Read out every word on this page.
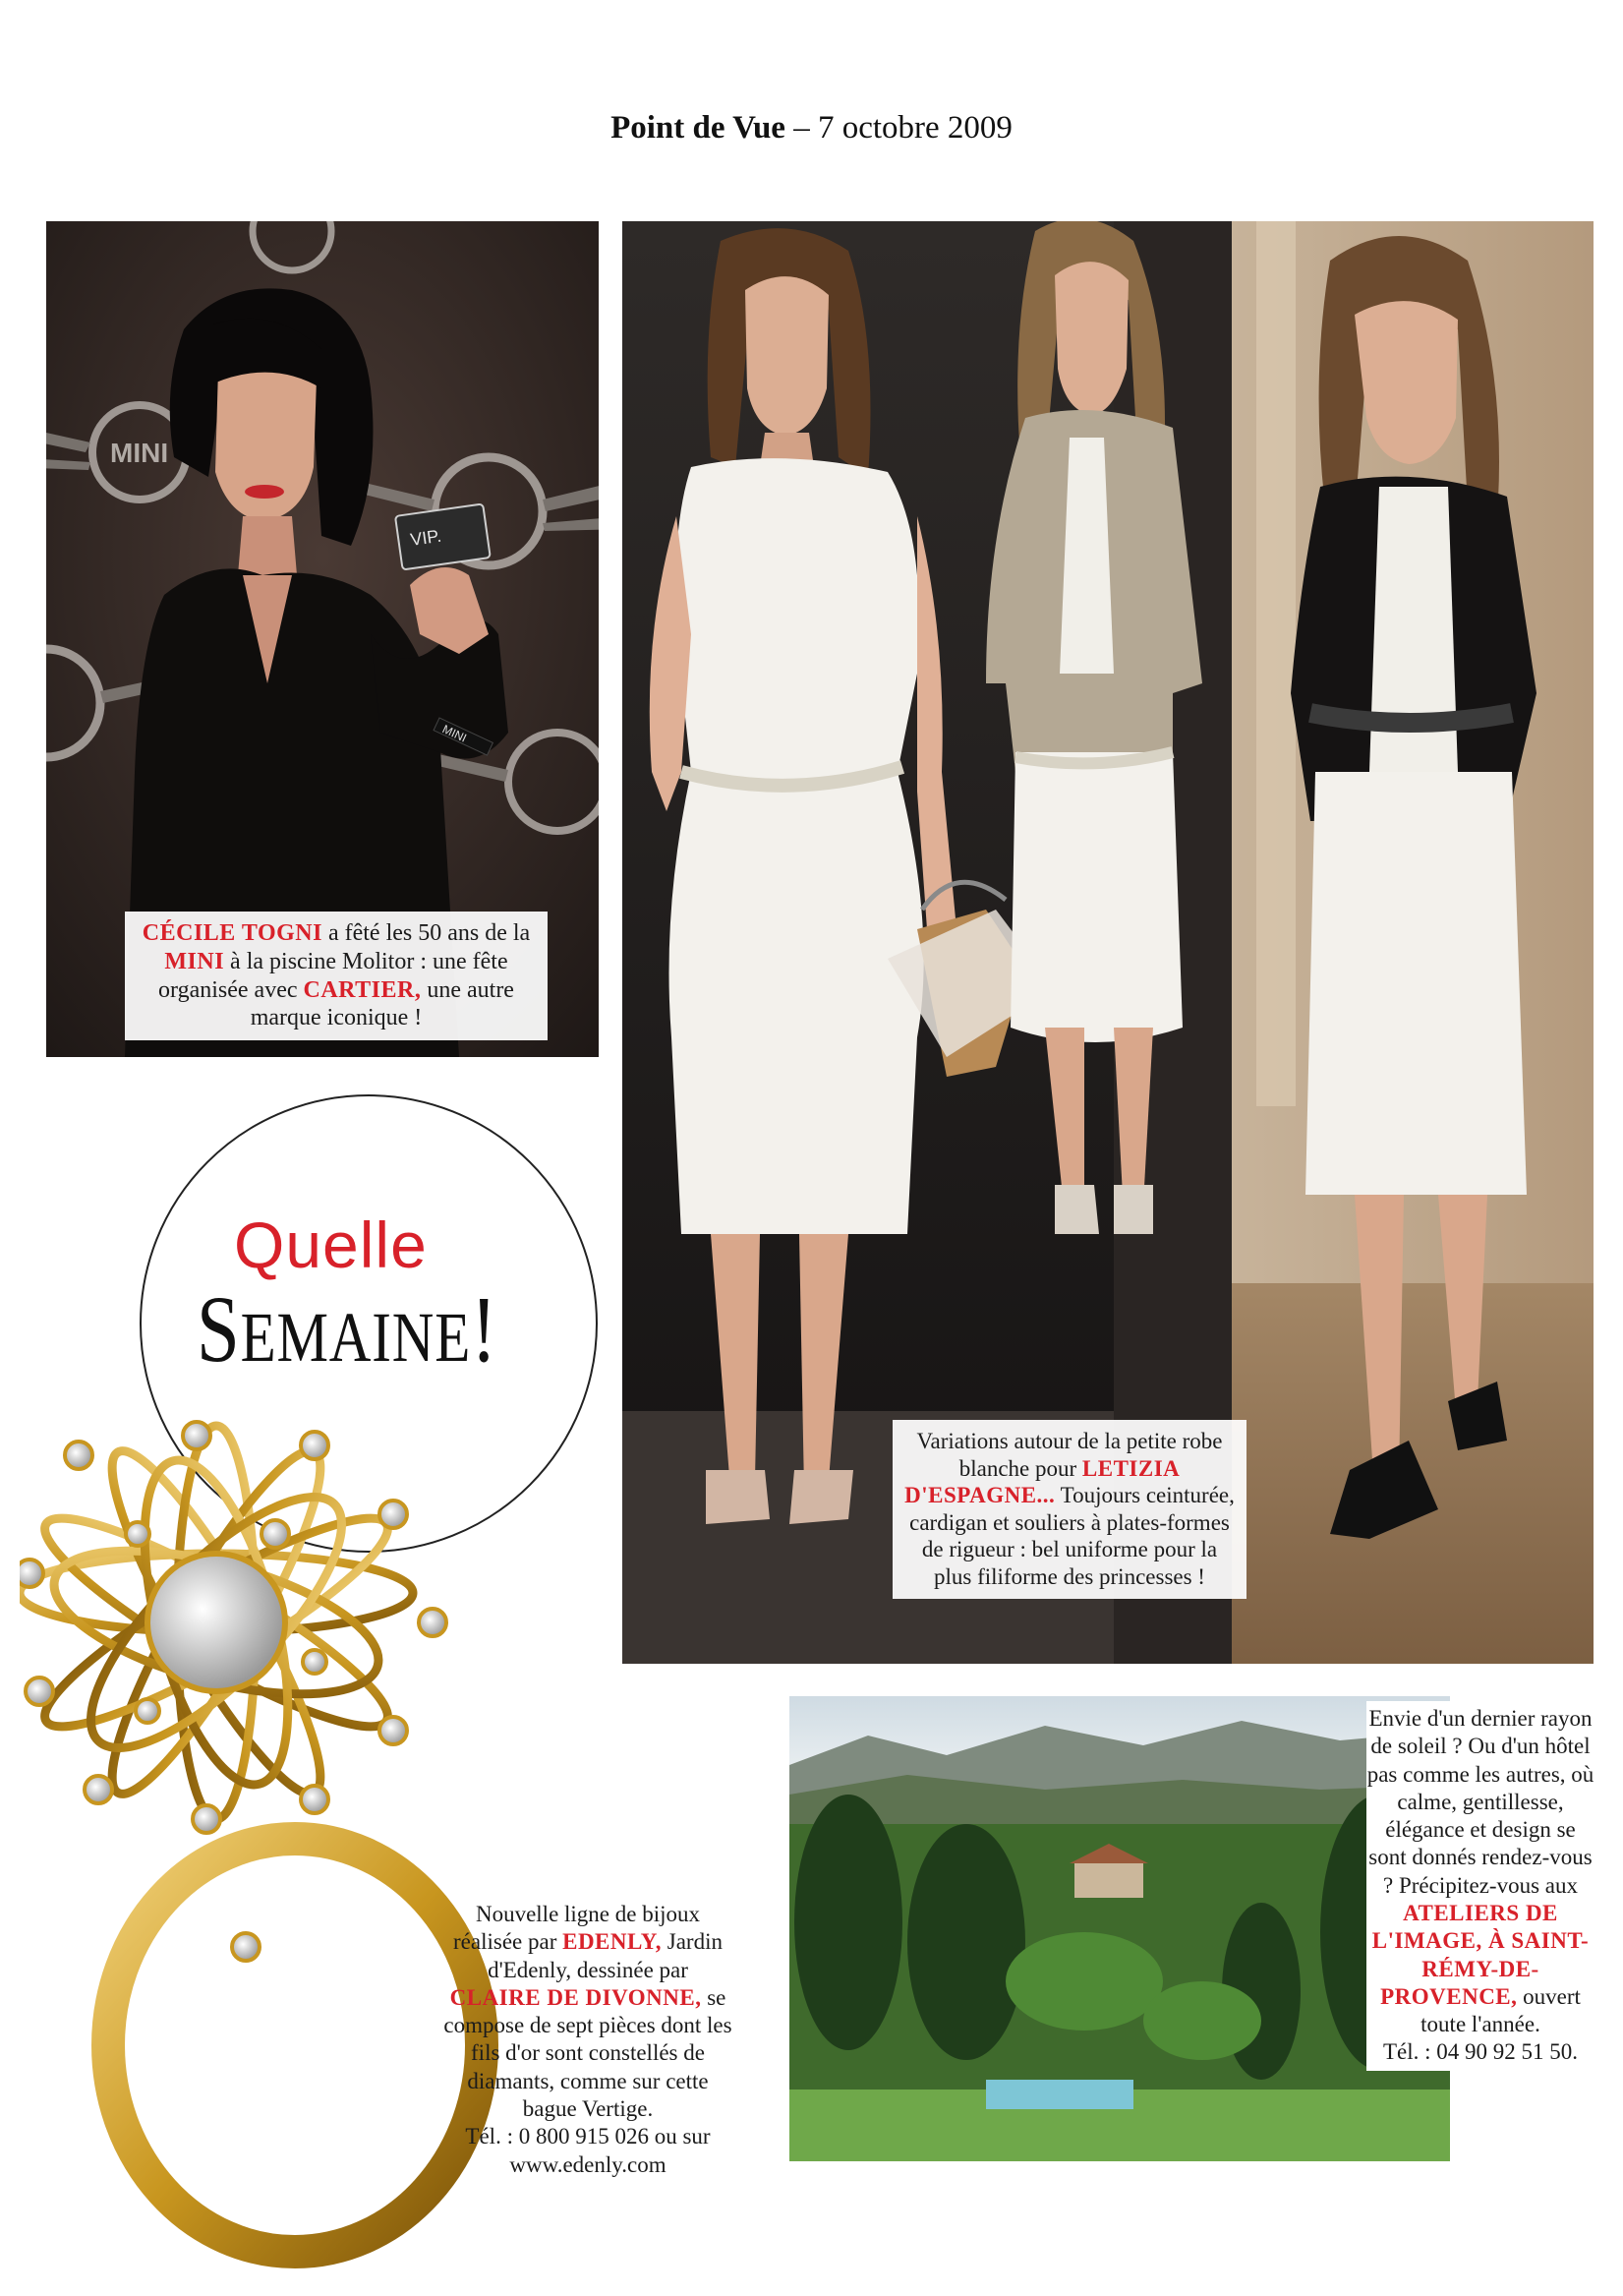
Point de Vue – 7 octobre 2009
MINI
VIP.
MINI
CÉCILE TOGNI a fêté les 50 ans de la MINI à la piscine Molitor : une fête organisée avec CARTIER, une autre marque iconique !
Variations autour de la petite robe blanche pour LETIZIA D'ESPAGNE... Toujours ceinturée, cardigan et souliers à plates-formes de rigueur : bel uniforme pour la plus filiforme des princesses !
Quelle
SEMAINE!
Nouvelle ligne de bijoux réalisée par EDENLY, Jardin d'Edenly, dessinée par CLAIRE DE DIVONNE, se compose de sept pièces dont les fils d'or sont constellés de diamants, comme sur cette bague Vertige.
Tél. : 0 800 915 026 ou sur www.edenly.com
Envie d'un dernier rayon de soleil ? Ou d'un hôtel pas comme les autres, où calme, gentillesse, élégance et design se sont donnés rendez-vous ? Précipitez-vous aux ATELIERS DE L'IMAGE, À SAINT-RÉMY-DE-PROVENCE, ouvert toute l'année.
Tél. : 04 90 92 51 50.
